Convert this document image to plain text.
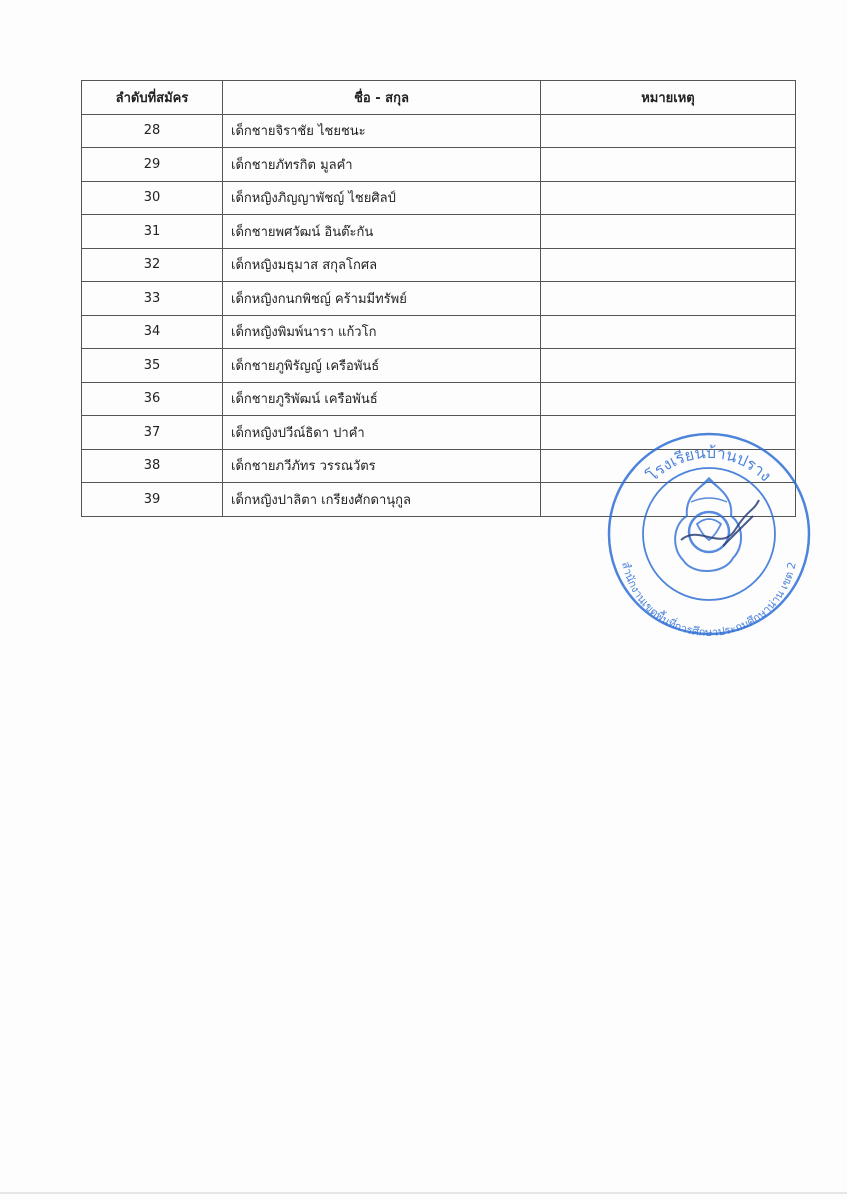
ลำดับที่สมัคร	ชื่อ - สกุล	หมายเหตุ
28	เด็กชายจิราชัย ไชยชนะ	
29	เด็กชายภัทรกิต มูลคำ	
30	เด็กหญิงภิญญาพัชญ์ ไชยศิลป์	
31	เด็กชายพศวัฒน์ อินต๊ะกัน	
32	เด็กหญิงมธุมาส สกุลโกศล	
33	เด็กหญิงกนกพิชญ์ คร้ามมีทรัพย์	
34	เด็กหญิงพิมพ์นารา แก้วโก	
35	เด็กชายภูพิรัญญ์ เครือพันธ์	
36	เด็กชายภูริพัฒน์ เครือพันธ์	
37	เด็กหญิงปวีณ์ธิดา ปาคำ	
38	เด็กชายภวีภัทร วรรณวัตร	
39	เด็กหญิงปาลิตา เกรียงศักดานุกูล	
โรงเรียนบ้านปราง
สำนักงานเขตพื้นที่การศึกษาประถมศึกษาน่าน เขต 2
